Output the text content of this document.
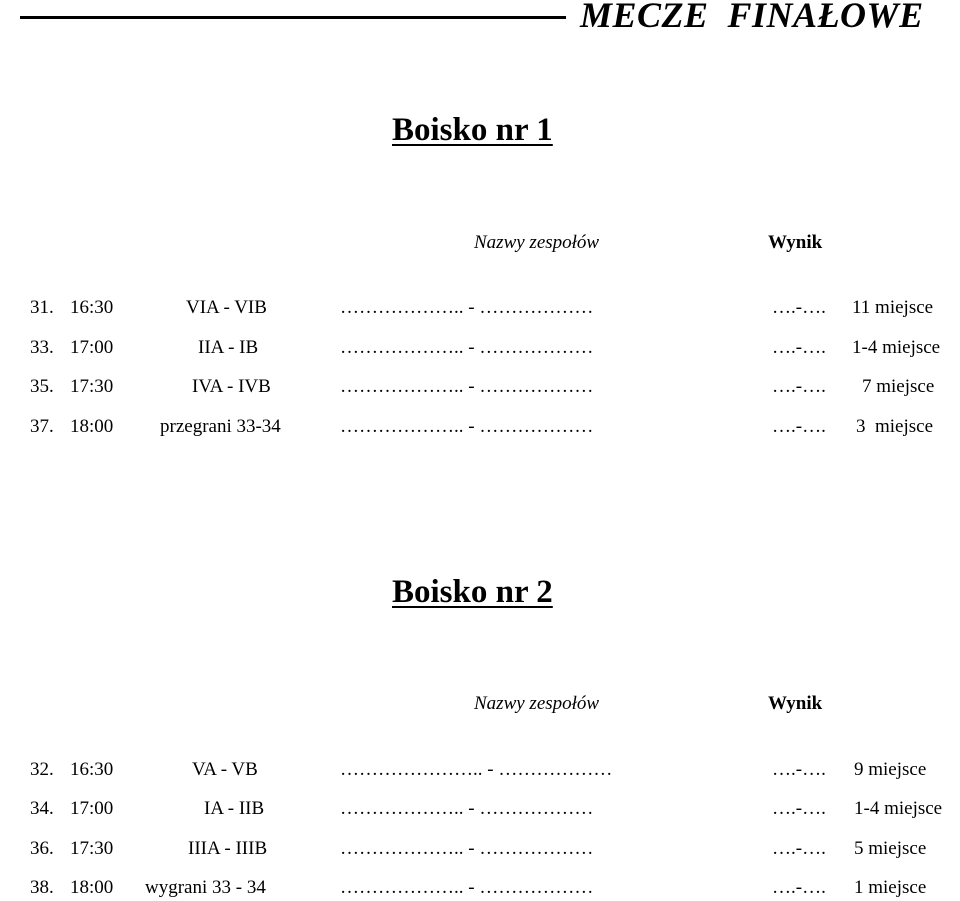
MECZE  FINAŁOWE
Boisko nr 1
Nazwy zespołów	Wynik
31. 16:30	VIA - VIB	……………….. - ………………	….-…. 11 miejsce
33. 17:00	IIA - IB	……………….. - ………………	….-…. 1-4 miejsce
35. 17:30	IVA - IVB	……………….. - ………………	….-…. 7 miejsce
37. 18:00 przegrani 33-34	……………….. - ………………	….-…. 3  miejsce
Boisko nr 2
Nazwy zespołów	Wynik
32. 16:30	VA - VB	………………….. - ………………	….-…. 9 miejsce
34. 17:00	IA - IIB	……………….. - ………………	….-…. 1-4 miejsce
36. 17:30	IIIA - IIIB	……………….. - ………………	….-…. 5 miejsce
38. 18:00 wygrani 33 - 34	……………….. - ………………	….-…. 1 miejsce
